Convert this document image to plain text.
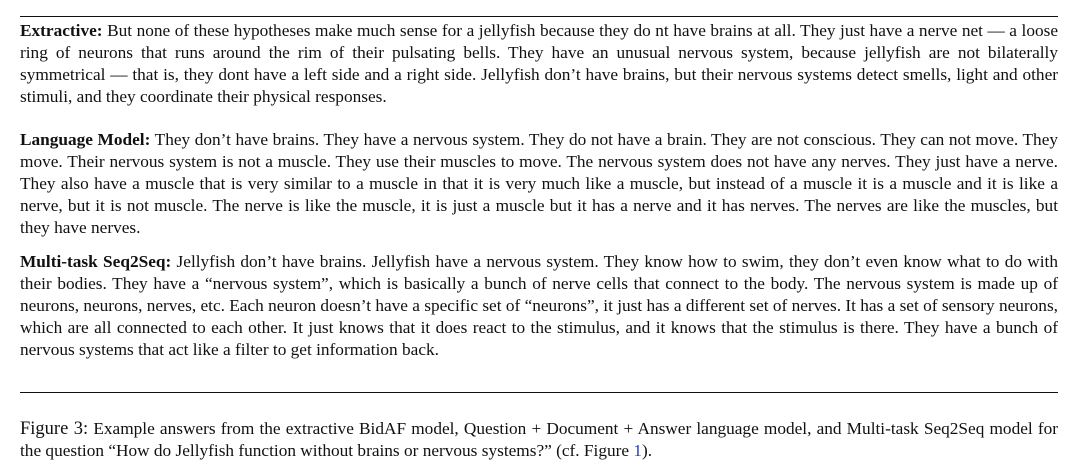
Extractive: But none of these hypotheses make much sense for a jellyfish because they do nt have brains at all. They just have a nerve net — a loose ring of neurons that runs around the rim of their pulsating bells. They have an unusual nervous system, because jellyfish are not bilaterally symmetrical — that is, they dont have a left side and a right side. Jellyfish don’t have brains, but their nervous systems detect smells, light and other stimuli, and they coordinate their physical responses.

Language Model: They don’t have brains. They have a nervous system. They do not have a brain. They are not conscious. They can not move. They move. Their nervous system is not a muscle. They use their muscles to move. The nervous system does not have any nerves. They just have a nerve. They also have a muscle that is very similar to a muscle in that it is very much like a muscle, but instead of a muscle it is a muscle and it is like a nerve, but it is not muscle. The nerve is like the muscle, it is just a muscle but it has a nerve and it has nerves. The nerves are like the muscles, but they have nerves.

Multi-task Seq2Seq: Jellyfish don’t have brains. Jellyfish have a nervous system. They know how to swim, they don’t even know what to do with their bodies. They have a “nervous system”, which is basically a bunch of nerve cells that connect to the body. The nervous system is made up of neurons, neurons, nerves, etc. Each neuron doesn’t have a specific set of “neurons”, it just has a different set of nerves. It has a set of sensory neurons, which are all connected to each other. It just knows that it does react to the stimulus, and it knows that the stimulus is there. They have a bunch of nervous systems that act like a filter to get information back.

Figure 3: Example answers from the extractive BidAF model, Question + Document + Answer language model, and Multi-task Seq2Seq model for the question “How do Jellyfish function without brains or nervous systems?” (cf. Figure 1).
